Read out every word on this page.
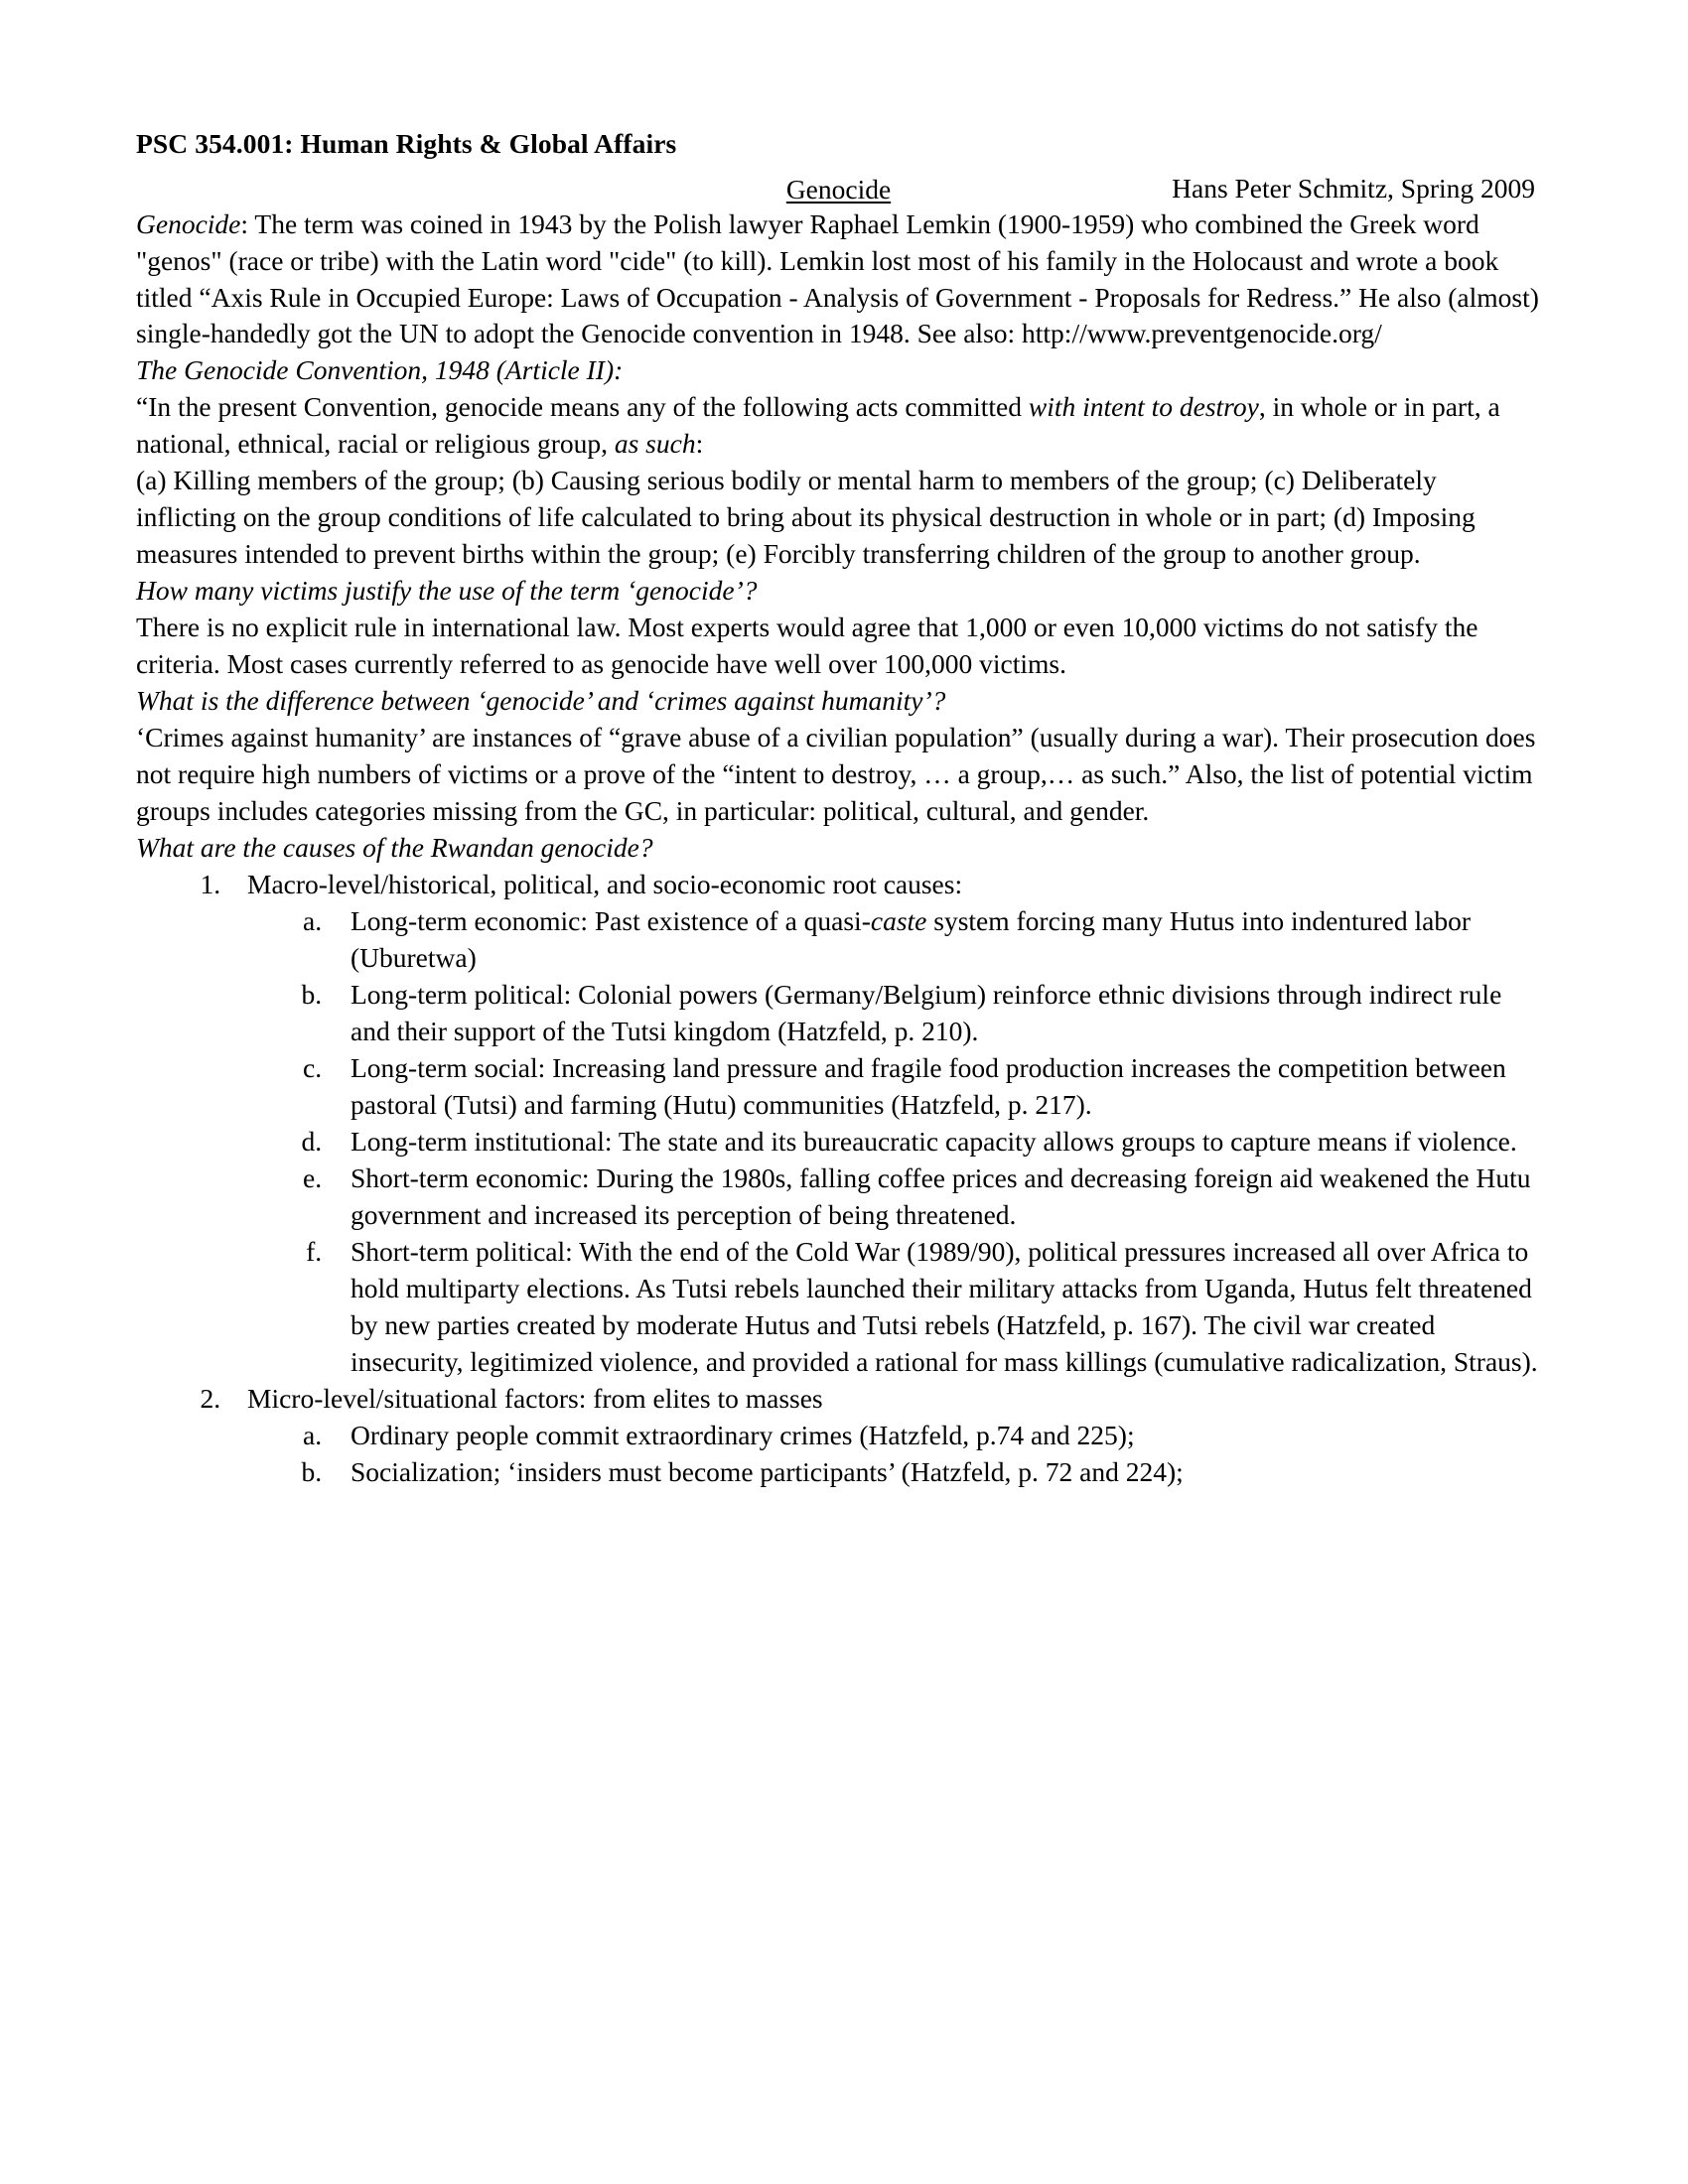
PSC 354.001: Human Rights & Global Affairs
Hans Peter Schmitz, Spring 2009
Genocide

Genocide: The term was coined in 1943 by the Polish lawyer Raphael Lemkin (1900-1959) who combined the Greek word "genos" (race or tribe) with the Latin word "cide" (to kill). Lemkin lost most of his family in the Holocaust and wrote a book titled “Axis Rule in Occupied Europe: Laws of Occupation - Analysis of Government - Proposals for Redress.” He also (almost) single-handedly got the UN to adopt the Genocide convention in 1948. See also: http://www.preventgenocide.org/

The Genocide Convention, 1948 (Article II):

“In the present Convention, genocide means any of the following acts committed with intent to destroy, in whole or in part, a national, ethnical, racial or religious group, as such:

(a) Killing members of the group; (b) Causing serious bodily or mental harm to members of the group; (c) Deliberately inflicting on the group conditions of life calculated to bring about its physical destruction in whole or in part; (d) Imposing measures intended to prevent births within the group; (e) Forcibly transferring children of the group to another group.

How many victims justify the use of the term ‘genocide’?

There is no explicit rule in international law. Most experts would agree that 1,000 or even 10,000 victims do not satisfy the criteria. Most cases currently referred to as genocide have well over 100,000 victims.

What is the difference between ‘genocide’ and ‘crimes against humanity’?

‘Crimes against humanity’ are instances of “grave abuse of a civilian population” (usually during a war). Their prosecution does not require high numbers of victims or a prove of the “intent to destroy, … a group,… as such.” Also, the list of potential victim groups includes categories missing from the GC, in particular: political, cultural, and gender.

What are the causes of the Rwandan genocide?

1. Macro-level/historical, political, and socio-economic root causes:
a. Long-term economic: Past existence of a quasi-caste system forcing many Hutus into indentured labor (Uburetwa)
b. Long-term political: Colonial powers (Germany/Belgium) reinforce ethnic divisions through indirect rule and their support of the Tutsi kingdom (Hatzfeld, p. 210).
c. Long-term social: Increasing land pressure and fragile food production increases the competition between pastoral (Tutsi) and farming (Hutu) communities (Hatzfeld, p. 217).
d. Long-term institutional: The state and its bureaucratic capacity allows groups to capture means if violence.
e. Short-term economic: During the 1980s, falling coffee prices and decreasing foreign aid weakened the Hutu government and increased its perception of being threatened.
f. Short-term political: With the end of the Cold War (1989/90), political pressures increased all over Africa to hold multiparty elections. As Tutsi rebels launched their military attacks from Uganda, Hutus felt threatened by new parties created by moderate Hutus and Tutsi rebels (Hatzfeld, p. 167). The civil war created insecurity, legitimized violence, and provided a rational for mass killings (cumulative radicalization, Straus).
2. Micro-level/situational factors: from elites to masses
a. Ordinary people commit extraordinary crimes (Hatzfeld, p.74 and 225);
b. Socialization; ‘insiders must become participants’ (Hatzfeld, p. 72 and 224);
